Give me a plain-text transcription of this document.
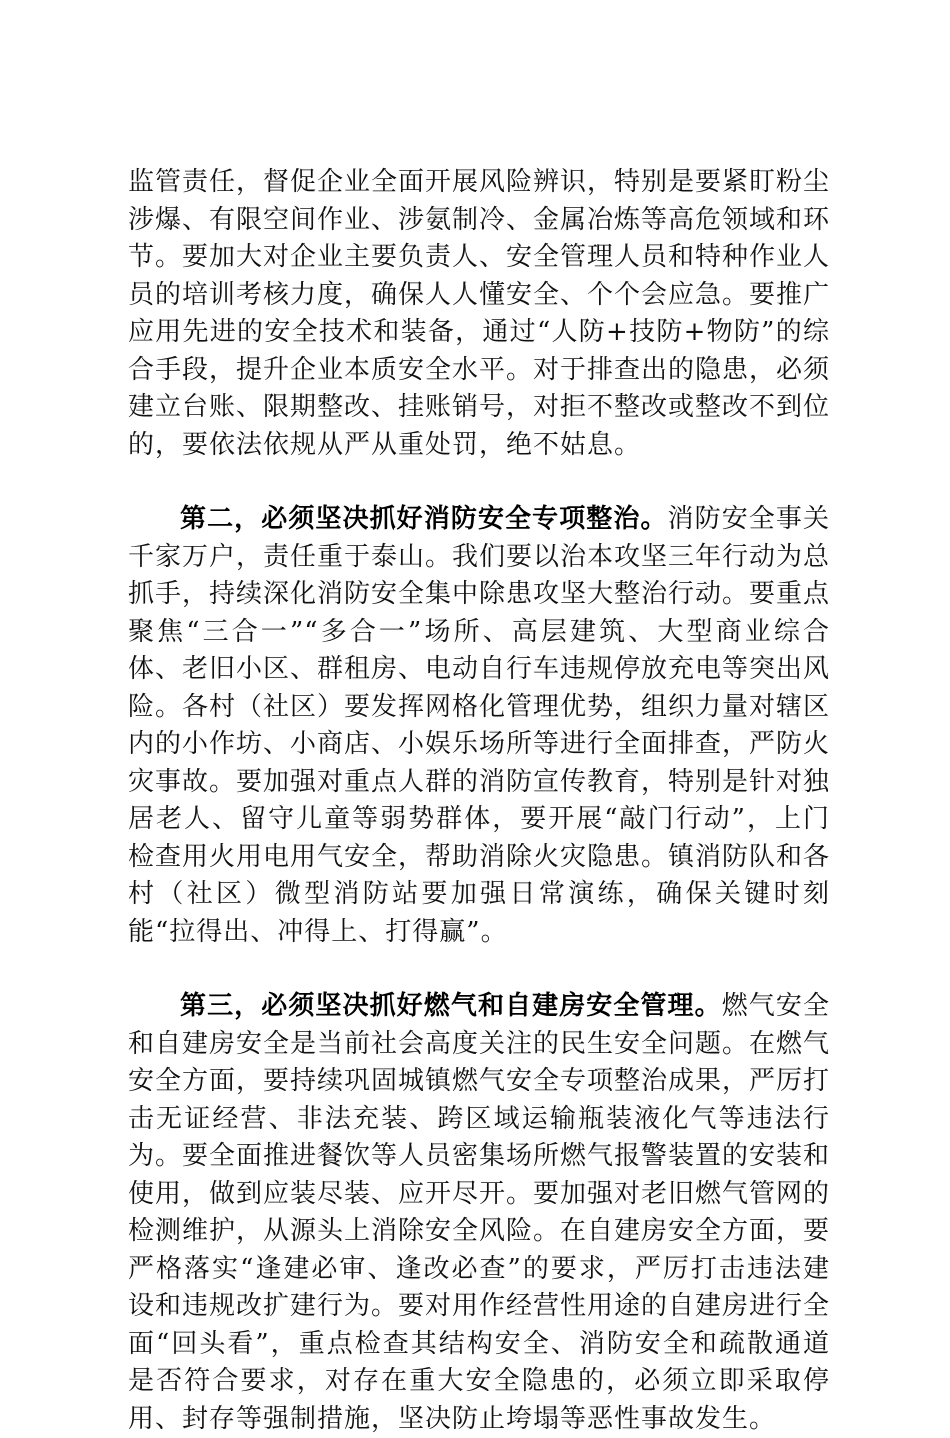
监管责任，督促企业全面开展风险辨识，特别是要紧盯粉尘涉爆、有限空间作业、涉氨制冷、金属冶炼等高危领域和环节。要加大对企业主要负责人、安全管理人员和特种作业人员的培训考核力度，确保人人懂安全、个个会应急。要推广应用先进的安全技术和装备，通过“人防+技防+物防”的综合手段，提升企业本质安全水平。对于排查出的隐患，必须建立台账、限期整改、挂账销号，对拒不整改或整改不到位的，要依法依规从严从重处罚，绝不姑息。

第二，必须坚决抓好消防安全专项整治。消防安全事关千家万户，责任重于泰山。我们要以治本攻坚三年行动为总抓手，持续深化消防安全集中除患攻坚大整治行动。要重点聚焦“三合一”“多合一”场所、高层建筑、大型商业综合体、老旧小区、群租房、电动自行车违规停放充电等突出风险。各村（社区）要发挥网格化管理优势，组织力量对辖区内的小作坊、小商店、小娱乐场所等进行全面排查，严防火灾事故。要加强对重点人群的消防宣传教育，特别是针对独居老人、留守儿童等弱势群体，要开展“敲门行动”，上门检查用火用电用气安全，帮助消除火灾隐患。镇消防队和各村（社区）微型消防站要加强日常演练，确保关键时刻能“拉得出、冲得上、打得赢”。

第三，必须坚决抓好燃气和自建房安全管理。燃气安全和自建房安全是当前社会高度关注的民生安全问题。在燃气安全方面，要持续巩固城镇燃气安全专项整治成果，严厉打击无证经营、非法充装、跨区域运输瓶装液化气等违法行为。要全面推进餐饮等人员密集场所燃气报警装置的安装和使用，做到应装尽装、应开尽开。要加强对老旧燃气管网的检测维护，从源头上消除安全风险。在自建房安全方面，要严格落实“逢建必审、逢改必查”的要求，严厉打击违法建设和违规改扩建行为。要对用作经营性用途的自建房进行全面“回头看”，重点检查其结构安全、消防安全和疏散通道是否符合要求，对存在重大安全隐患的，必须立即采取停用、封存等强制措施，坚决防止垮塌等恶性事故发生。
